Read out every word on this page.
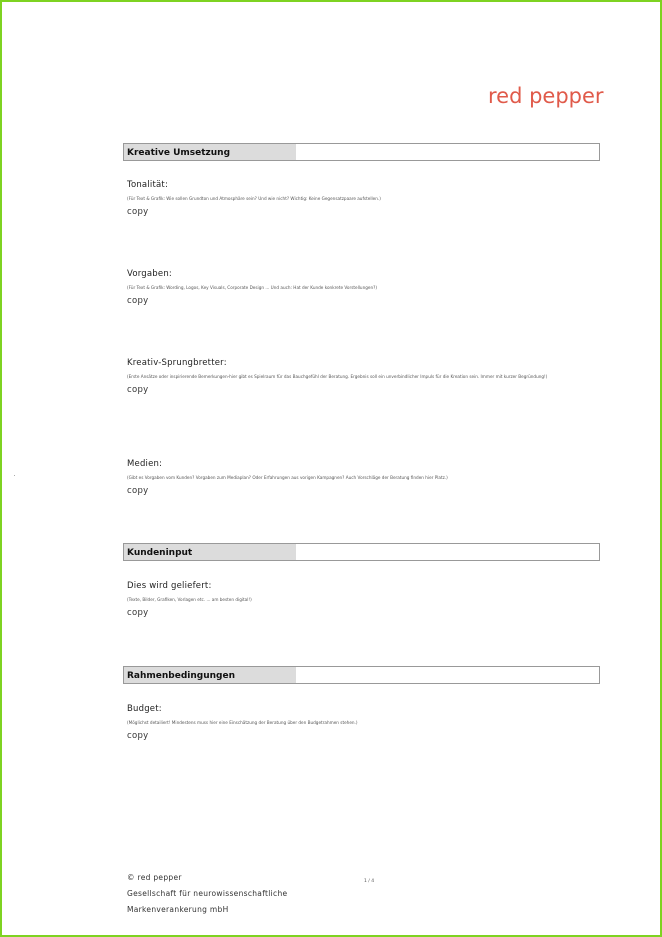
red pepper
Kreative Umsetzung
Tonalität:
(Für Text & Grafik: Wie sollen Grundton und Atmosphäre sein? Und wie nicht? Wichtig: Keine Gegensatzpaare aufstellen.)
copy
Vorgaben:
(Für Text & Grafik: Wording, Logos, Key Visuals, Corporate Design ... Und auch: Hat der Kunde konkrete Vorstellungen?)
copy
Kreativ-Sprungbretter:
(Erste Ansätze oder inspirierende Bemerkungen-hier gibt es Spielraum für das Bauchgefühl der Beratung. Ergebnis soll ein unverbindlicher Impuls für die Kreation sein. Immer mit kurzer Begründung!)
copy
Medien:
(Gibt es Vorgaben vom Kunden? Vorgaben zum Mediaplan? Oder Erfahrungen aus vorigen Kampagnen? Auch Vorschläge der Beratung finden hier Platz.)
copy
Kundeninput
Dies wird geliefert:
(Texte, Bilder, Grafiken, Vorlagen etc. ... am besten digital!)
copy
Rahmenbedingungen
Budget:
(Möglichst detailiert! Mindestens muss hier eine Einschätzung der Beratung über den Budgetrahmen stehen.)
copy
© red pepper
Gesellschaft für neurowissenschaftliche
Markenverankerung mbH
1 / 4
